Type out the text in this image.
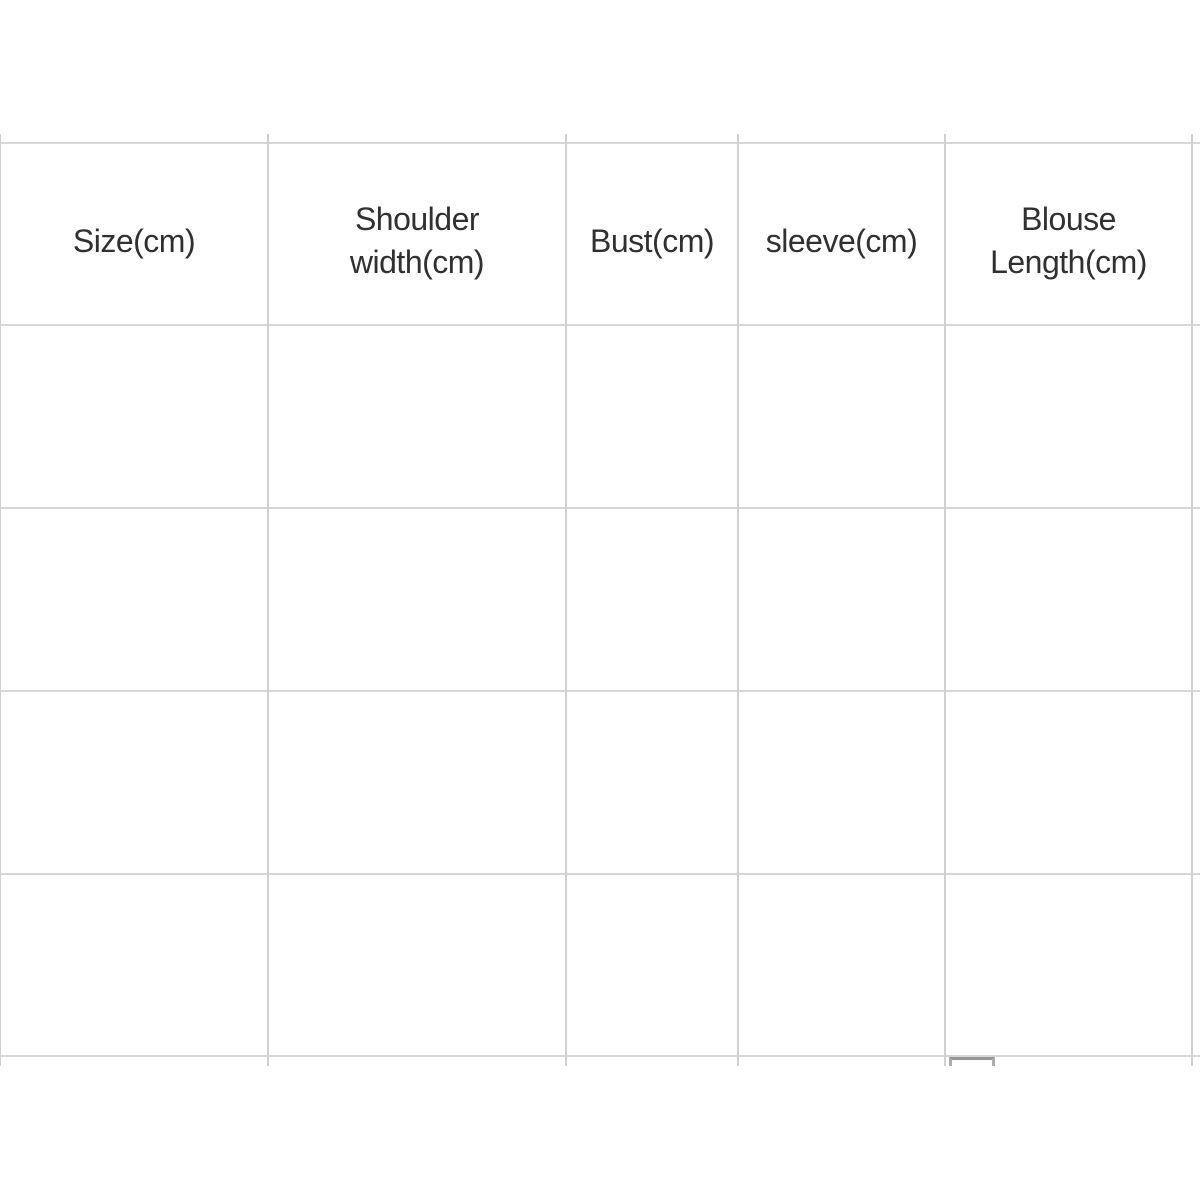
Size(cm)
Shoulder
width(cm)
Bust(cm) sleeve(cm)
Blouse
Length(cm)
